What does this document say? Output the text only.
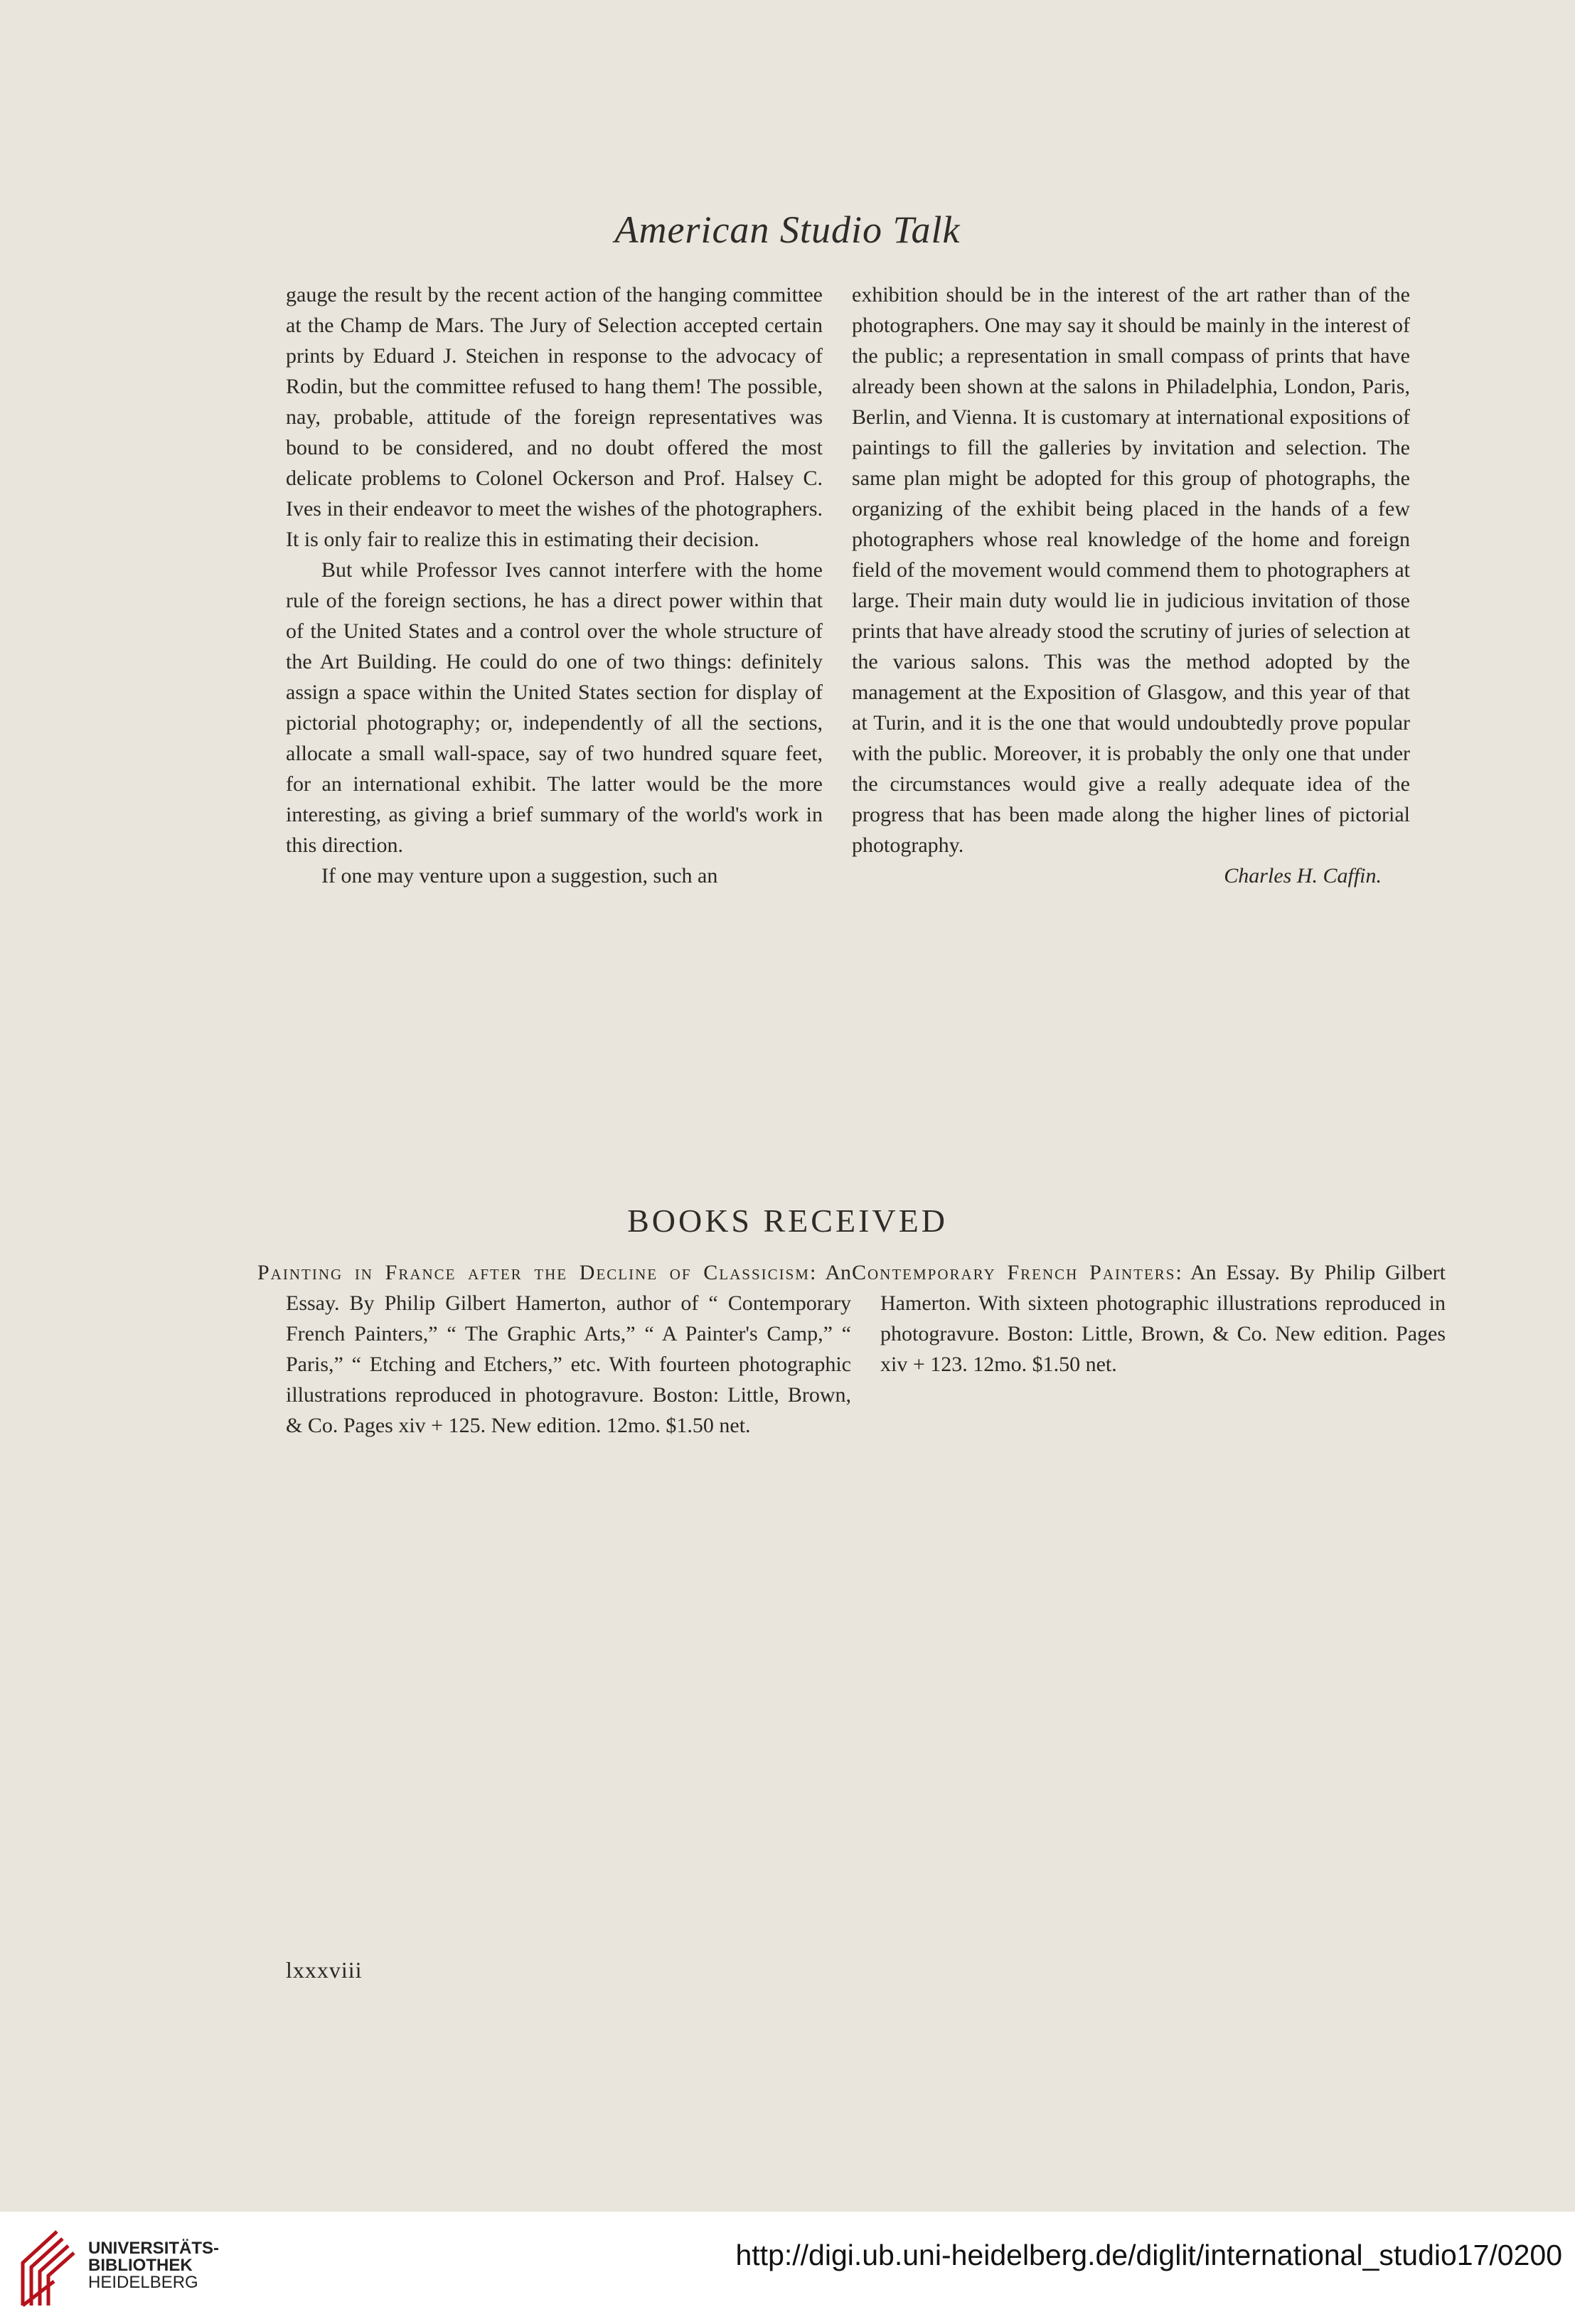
American Studio Talk

gauge the result by the recent action of the hanging committee at the Champ de Mars. The Jury of Selection accepted certain prints by Eduard J. Steichen in response to the advocacy of Rodin, but the committee refused to hang them! The possible, nay, probable, attitude of the foreign representatives was bound to be considered, and no doubt offered the most delicate problems to Colonel Ockerson and Prof. Halsey C. Ives in their endeavor to meet the wishes of the photographers. It is only fair to realize this in estimating their decision.

But while Professor Ives cannot interfere with the home rule of the foreign sections, he has a direct power within that of the United States and a control over the whole structure of the Art Building. He could do one of two things: definitely assign a space within the United States section for display of pictorial photography; or, independently of all the sections, allocate a small wall-space, say of two hundred square feet, for an international exhibit. The latter would be the more interesting, as giving a brief summary of the world's work in this direction.

If one may venture upon a suggestion, such an

exhibition should be in the interest of the art rather than of the photographers. One may say it should be mainly in the interest of the public; a representation in small compass of prints that have already been shown at the salons in Philadelphia, London, Paris, Berlin, and Vienna. It is customary at international expositions of paintings to fill the galleries by invitation and selection. The same plan might be adopted for this group of photographs, the organizing of the exhibit being placed in the hands of a few photographers whose real knowledge of the home and foreign field of the movement would commend them to photographers at large. Their main duty would lie in judicious invitation of those prints that have already stood the scrutiny of juries of selection at the various salons. This was the method adopted by the management at the Exposition of Glasgow, and this year of that at Turin, and it is the one that would undoubtedly prove popular with the public. Moreover, it is probably the only one that under the circumstances would give a really adequate idea of the progress that has been made along the higher lines of pictorial photography.

Charles H. Caffin.

BOOKS RECEIVED
Painting in France after the Decline of Classicism: An Essay. By Philip Gilbert Hamerton, author of “ Contemporary French Painters,” “ The Graphic Arts,” “ A Painter's Camp,” “ Paris,” “ Etching and Etchers,” etc. With fourteen photographic illustrations reproduced in photogravure. Boston: Little, Brown, & Co. Pages xiv + 125. New edition. 12mo. $1.50 net.
Contemporary French Painters: An Essay. By Philip Gilbert Hamerton. With sixteen photographic illustrations reproduced in photogravure. Boston: Little, Brown, & Co. New edition. Pages xiv + 123. 12mo. $1.50 net.
lxxxviii
UNIVERSITÄTS-
BIBLIOTHEK
HEIDELBERG
http://digi.ub.uni-heidelberg.de/diglit/international_studio17/0200
